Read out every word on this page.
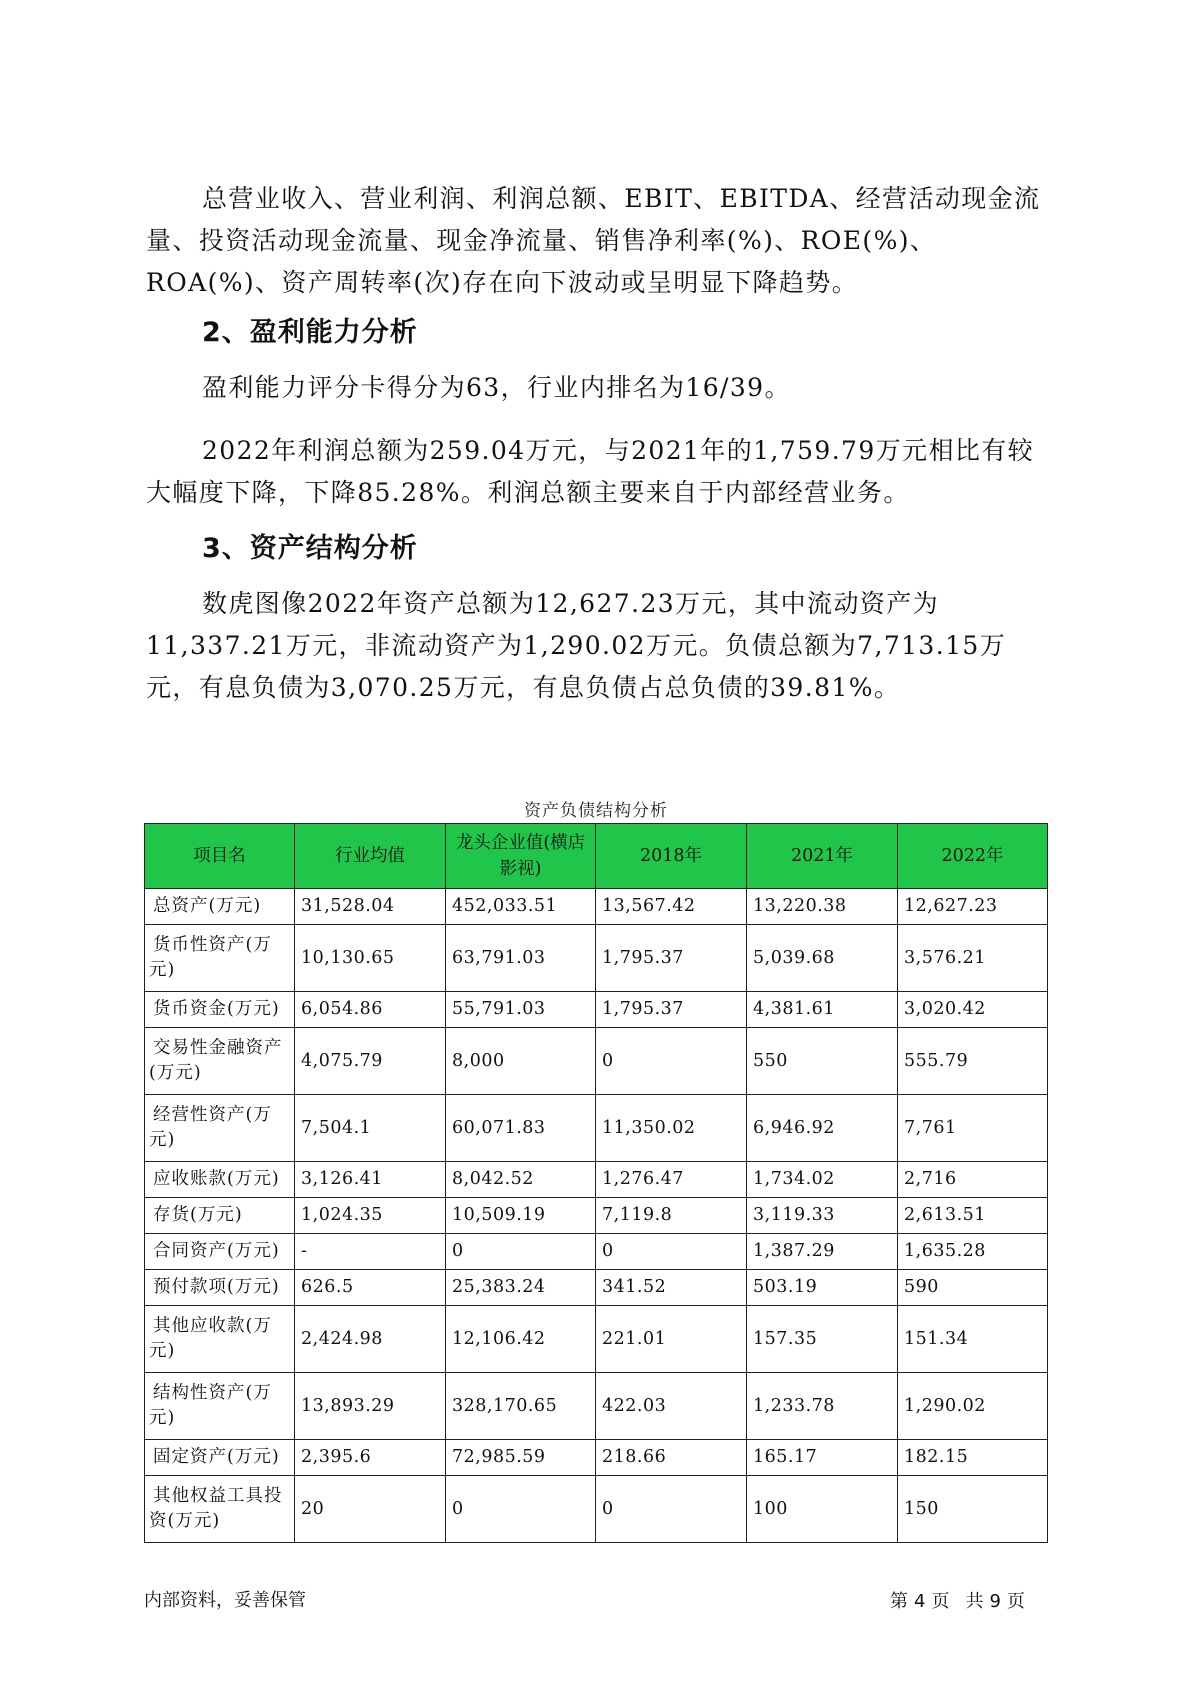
总营业收入、营业利润、利润总额、EBIT、EBITDA、经营活动现金流量、投资活动现金流量、现金净流量、销售净利率(%)、ROE(%)、ROA(%)、资产周转率(次)存在向下波动或呈明显下降趋势。

2、盈利能力分析

盈利能力评分卡得分为63，行业内排名为16/39。

2022年利润总额为259.04万元，与2021年的1,759.79万元相比有较大幅度下降，下降85.28%。利润总额主要来自于内部经营业务。

3、资产结构分析

数虎图像2022年资产总额为12,627.23万元，其中流动资产为11,337.21万元，非流动资产为1,290.02万元。负债总额为7,713.15万元，有息负债为3,070.25万元，有息负债占总负债的39.81%。

资产负债结构分析
项目名	行业均值	龙头企业值(横店影视)	2018年	2021年	2022年
总资产(万元)	31,528.04	452,033.51	13,567.42	13,220.38	12,627.23
货币性资产(万元)	10,130.65	63,791.03	1,795.37	5,039.68	3,576.21
货币资金(万元)	6,054.86	55,791.03	1,795.37	4,381.61	3,020.42
交易性金融资产(万元)	4,075.79	8,000	0	550	555.79
经营性资产(万元)	7,504.1	60,071.83	11,350.02	6,946.92	7,761
应收账款(万元)	3,126.41	8,042.52	1,276.47	1,734.02	2,716
存货(万元)	1,024.35	10,509.19	7,119.8	3,119.33	2,613.51
合同资产(万元)	-	0	0	1,387.29	1,635.28
预付款项(万元)	626.5	25,383.24	341.52	503.19	590
其他应收款(万元)	2,424.98	12,106.42	221.01	157.35	151.34
结构性资产(万元)	13,893.29	328,170.65	422.03	1,233.78	1,290.02
固定资产(万元)	2,395.6	72,985.59	218.66	165.17	182.15
其他权益工具投资(万元)	20	0	0	100	150
内部资料，妥善保管	第 4 页 共 9 页
